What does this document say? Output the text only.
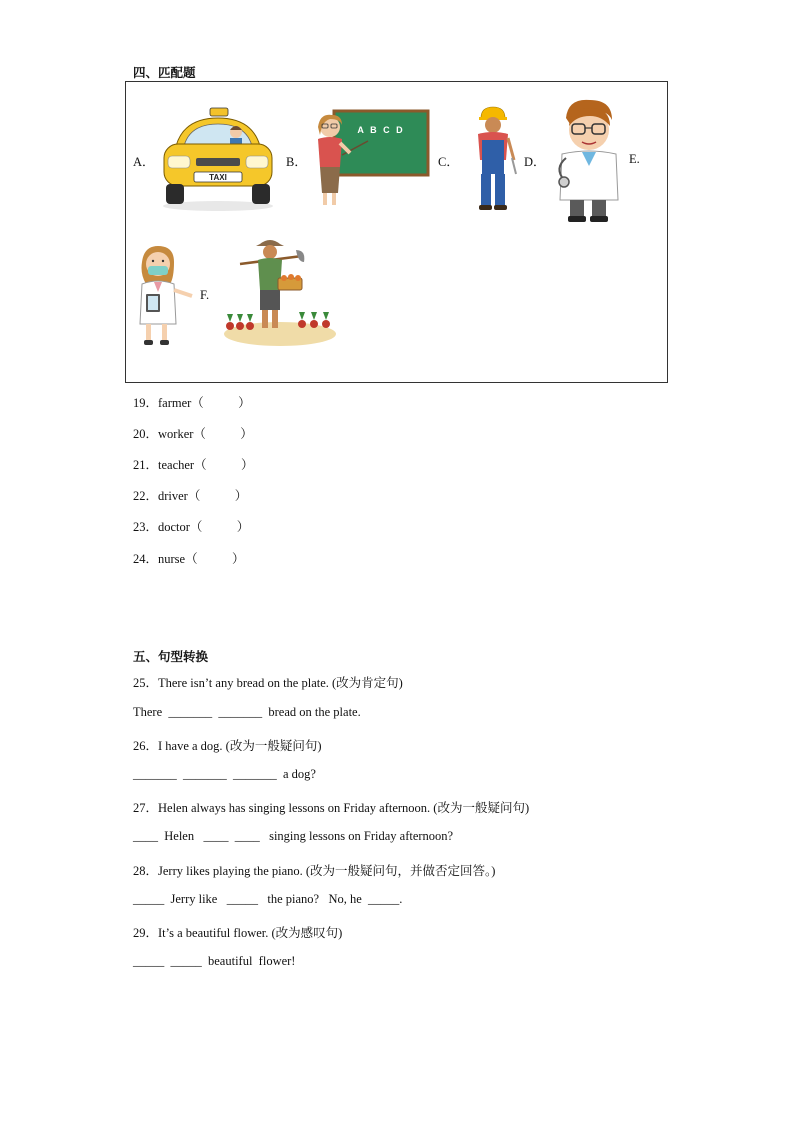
四、匹配题
A．	B．	C．	D．	E.
F.
TAXI
A B C D
19．farmer（           ）
20．worker（           ）
21．teacher（           ）
22．driver（           ）
23．doctor（           ）
24．nurse（           ）
五、句型转换
25．There isn’t any bread on the plate. (改为肯定句)
There  _______  _______  bread on the plate.
26．I have a dog. (改为一般疑问句)
_______  _______  _______  a dog?
27．Helen always has singing lessons on Friday afternoon. (改为一般疑问句)
____  Helen   ____  ____   singing lessons on Friday afternoon?
28．Jerry likes playing the piano. (改为一般疑问句，并做否定回答。)
_____  Jerry like   _____   the piano?   No, he  _____.
29．It’s a beautiful flower. (改为感叹句)
_____  _____  beautiful  flower!
